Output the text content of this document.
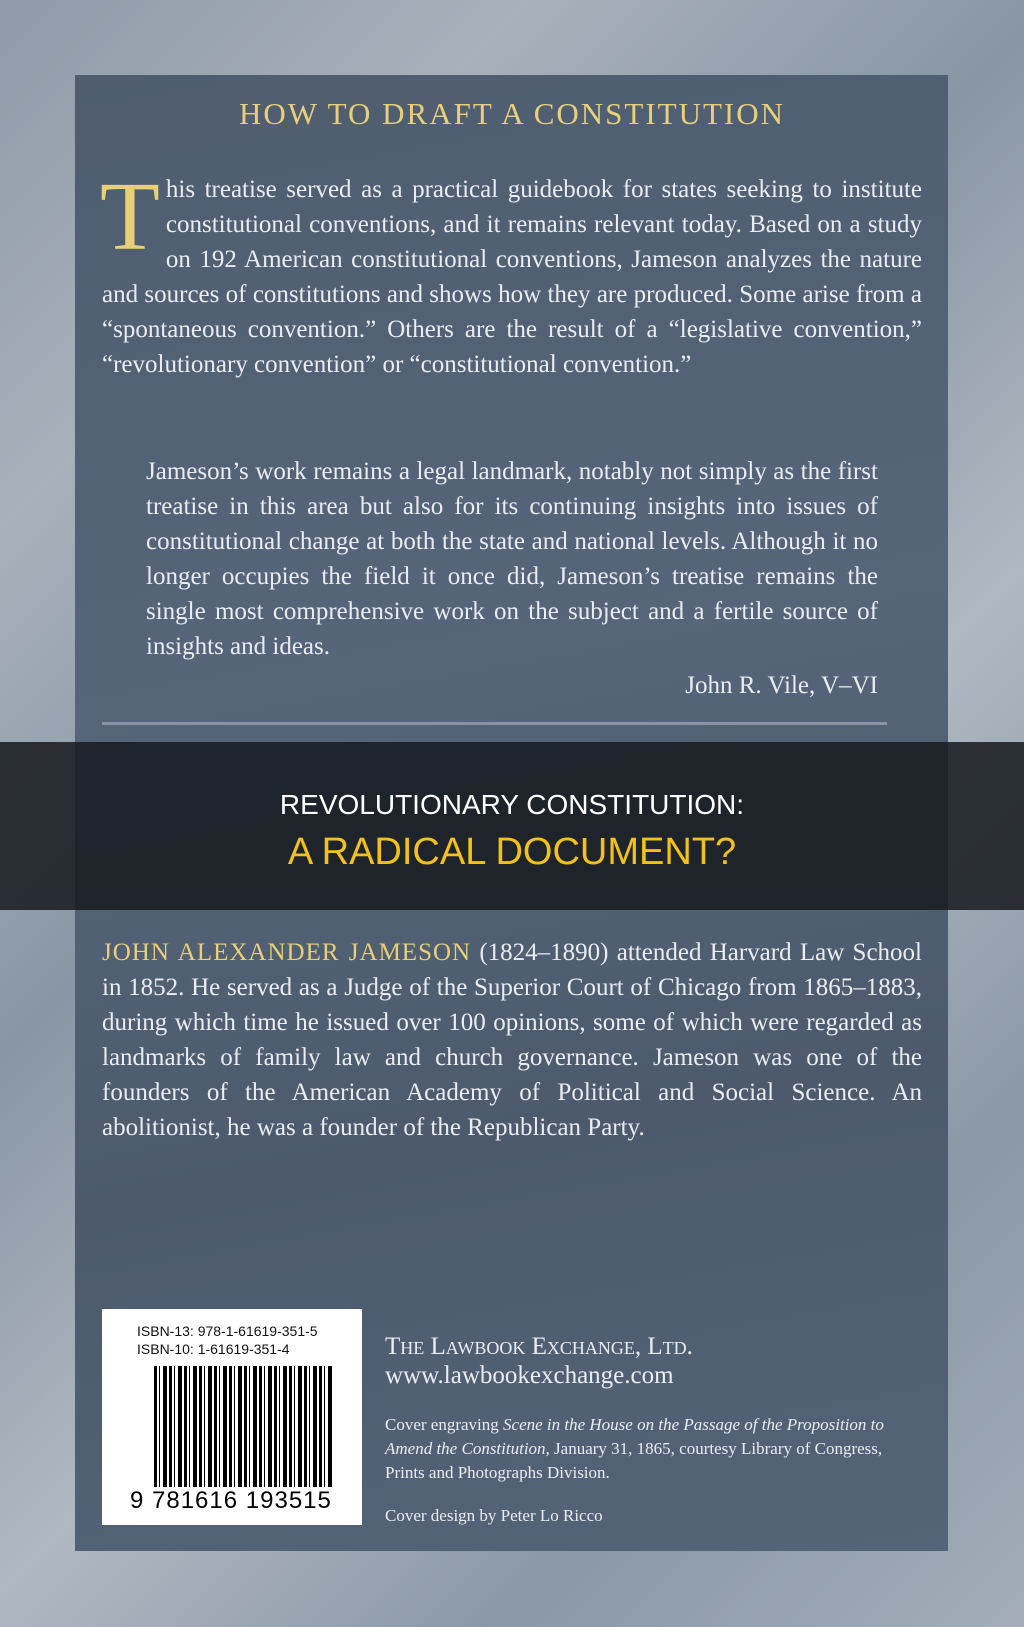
HOW TO DRAFT A CONSTITUTION
This treatise served as a practical guidebook for states seeking to institute constitutional conventions, and it remains relevant today. Based on a study on 192 American constitutional conventions, Jameson analyzes the nature and sources of constitutions and shows how they are produced. Some arise from a “spontaneous convention.” Others are the result of a “legislative convention,” “revolutionary convention” or “constitutional convention.”
Jameson’s work remains a legal landmark, notably not simply as the first treatise in this area but also for its continuing insights into issues of constitutional change at both the state and national levels. Although it no longer occupies the field it once did, Jameson’s treatise remains the single most comprehensive work on the subject and a fertile source of insights and ideas.
John R. Vile, V–VI
REVOLUTIONARY CONSTITUTION:
A RADICAL DOCUMENT?
JOHN ALEXANDER JAMESON (1824–1890) attended Harvard Law School in 1852. He served as a Judge of the Superior Court of Chicago from 1865–1883, during which time he issued over 100 opinions, some of which were regarded as landmarks of family law and church governance. Jameson was one of the founders of the American Academy of Political and Social Science. An abolitionist, he was a founder of the Republican Party.
ISBN-13: 978-1-61619-351-5
ISBN-10: 1-61619-351-4
9 781616 193515
The Lawbook Exchange, Ltd.
www.lawbookexchange.com
Cover engraving Scene in the House on the Passage of the Proposition to Amend the Constitution, January 31, 1865, courtesy Library of Congress, Prints and Photographs Division.
Cover design by Peter Lo Ricco
